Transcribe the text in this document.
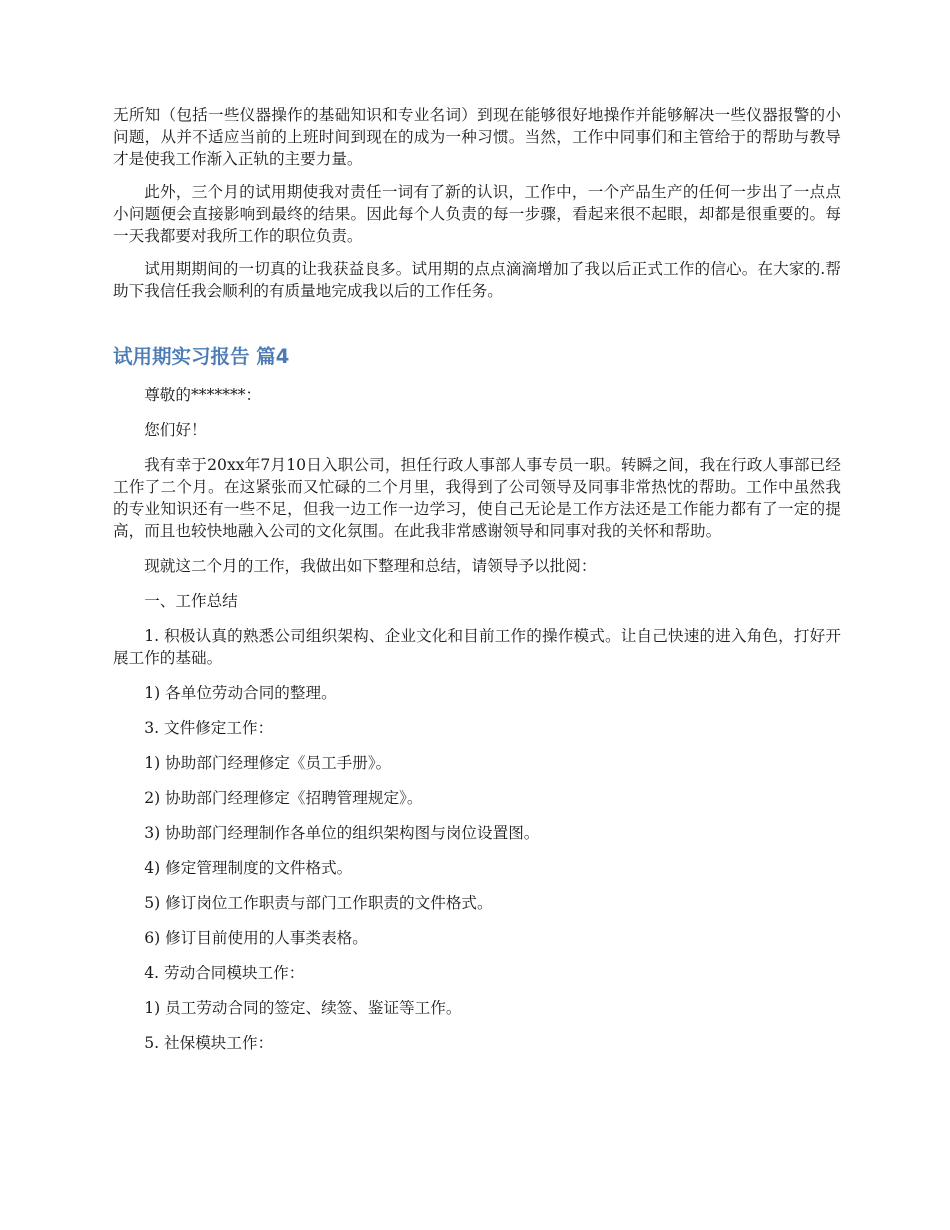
无所知（包括一些仪器操作的基础知识和专业名词）到现在能够很好地操作并能够解决一些仪器报警的小问题，从并不适应当前的上班时间到现在的成为一种习惯。当然，工作中同事们和主管给于的帮助与教导才是使我工作渐入正轨的主要力量。

此外，三个月的试用期使我对责任一词有了新的认识，工作中，一个产品生产的任何一步出了一点点小问题便会直接影响到最终的结果。因此每个人负责的每一步骤，看起来很不起眼，却都是很重要的。每一天我都要对我所工作的职位负责。

试用期期间的一切真的让我获益良多。试用期的点点滴滴增加了我以后正式工作的信心。在大家的.帮助下我信任我会顺利的有质量地完成我以后的工作任务。

试用期实习报告 篇4

尊敬的*******：

您们好！

我有幸于20xx年7月10日入职公司，担任行政人事部人事专员一职。转瞬之间，我在行政人事部已经工作了二个月。在这紧张而又忙碌的二个月里，我得到了公司领导及同事非常热忱的帮助。工作中虽然我的专业知识还有一些不足，但我一边工作一边学习，使自己无论是工作方法还是工作能力都有了一定的提高，而且也较快地融入公司的文化氛围。在此我非常感谢领导和同事对我的关怀和帮助。

现就这二个月的工作，我做出如下整理和总结，请领导予以批阅：

一、工作总结

1. 积极认真的熟悉公司组织架构、企业文化和目前工作的操作模式。让自己快速的进入角色，打好开展工作的基础。

1) 各单位劳动合同的整理。

3. 文件修定工作：

1) 协助部门经理修定《员工手册》。

2) 协助部门经理修定《招聘管理规定》。

3) 协助部门经理制作各单位的组织架构图与岗位设置图。

4) 修定管理制度的文件格式。

5) 修订岗位工作职责与部门工作职责的文件格式。

6) 修订目前使用的人事类表格。

4. 劳动合同模块工作：

1) 员工劳动合同的签定、续签、鉴证等工作。

5. 社保模块工作：
